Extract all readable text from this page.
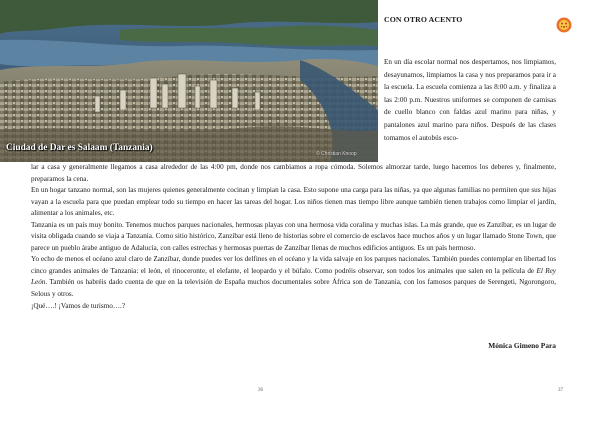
Ciudad de Dar es Salaam (Tanzania)
© Christian Knoop
CON OTRO ACENTO

En un día escolar normal nos despertamos, nos limpiamos, desayunamos, limpiamos la casa y nos preparamos para ir a la escuela. La escuela comienza a las 8:00 a.m. y finaliza a las 2:00 p.m. Nuestros uniformes se componen de camisas de cuello blanco con faldas azul marino para niñas, y pantalones azul marino para niños. Después de las clases tomamos el autobús esco-

lar a casa y generalmente llegamos a casa alrededor de las 4:00 pm, donde nos cambiamos a ropa cómoda. Solemos almorzar tarde, luego hacemos los deberes y, finalmente, preparamos la cena.

En un hogar tanzano normal, son las mujeres quienes generalmente cocinan y limpian la casa. Esto supone una carga para las niñas, ya que algunas familias no permiten que sus hijas vayan a la escuela para que puedan emplear todo su tiempo en hacer las tareas del hogar. Los niños tienen mas tiempo libre aunque también tienen trabajos como limpiar el jardín, alimentar a los animales, etc.

Tanzania es un país muy bonito. Tenemos muchos parques nacionales, hermosas playas con una hermosa vida coralina y muchas islas. La más grande, que es Zanzíbar, es un lugar de visita obligada cuando se viaja a Tanzania. Como sitio histórico, Zanzíbar está lleno de historias sobre el comercio de esclavos hace muchos años y un lugar llamado Stone Town, que parece un pueblo árabe antiguo de Adalucía, con calles estrechas y hermosas puertas de Zanzíbar llenas de muchos edificios antiguos. Es un país hermoso.

Yo echo de menos el océano azul claro de Zanzíbar, donde puedes ver los delfines en el océano y la vida salvaje en los parques nacionales. También puedes contemplar en libertad los cinco grandes animales de Tanzania: el león, el rinoceronte, el elefante, el leopardo y el búfalo. Como podréis observar, son todos los animales que salen en la película de El Rey León. También os habréis dado cuenta de que en la televisión de España muchos documentales sobre África son de Tanzania, con los famosos parques de Serengeti, Ngorongoro, Selous y otros.

¡Qué….! ¡Vamos de turismo….?

Mónica Gimeno Para
36	37
